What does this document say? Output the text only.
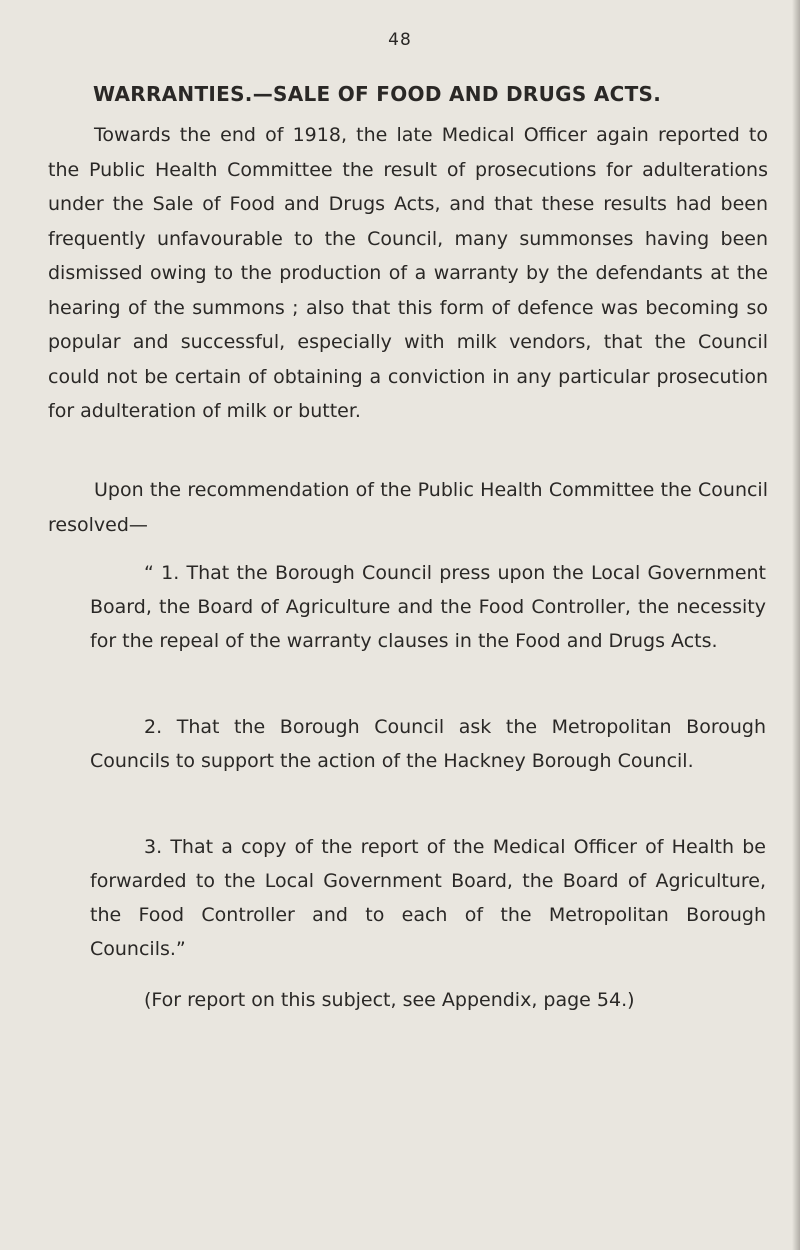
48
WARRANTIES.—SALE OF FOOD AND DRUGS ACTS.

Towards the end of 1918, the late Medical Officer again reported to the Public Health Committee the result of prosecutions for adulterations under the Sale of Food and Drugs Acts, and that these results had been frequently unfavourable to the Council, many summonses having been dismissed owing to the production of a warranty by the defendants at the hearing of the summons ; also that this form of defence was becoming so popular and successful, especially with milk vendors, that the Council could not be certain of obtaining a conviction in any particular prosecution for adulteration of milk or butter.

Upon the recommendation of the Public Health Committee the Council resolved—

“ 1. That the Borough Council press upon the Local Government Board, the Board of Agriculture and the Food Controller, the necessity for the repeal of the warranty clauses in the Food and Drugs Acts.

2. That the Borough Council ask the Metropolitan Borough Councils to support the action of the Hackney Borough Council.

3. That a copy of the report of the Medical Officer of Health be forwarded to the Local Government Board, the Board of Agriculture, the Food Controller and to each of the Metropolitan Borough Councils.”

(For report on this subject, see Appendix, page 54.)
